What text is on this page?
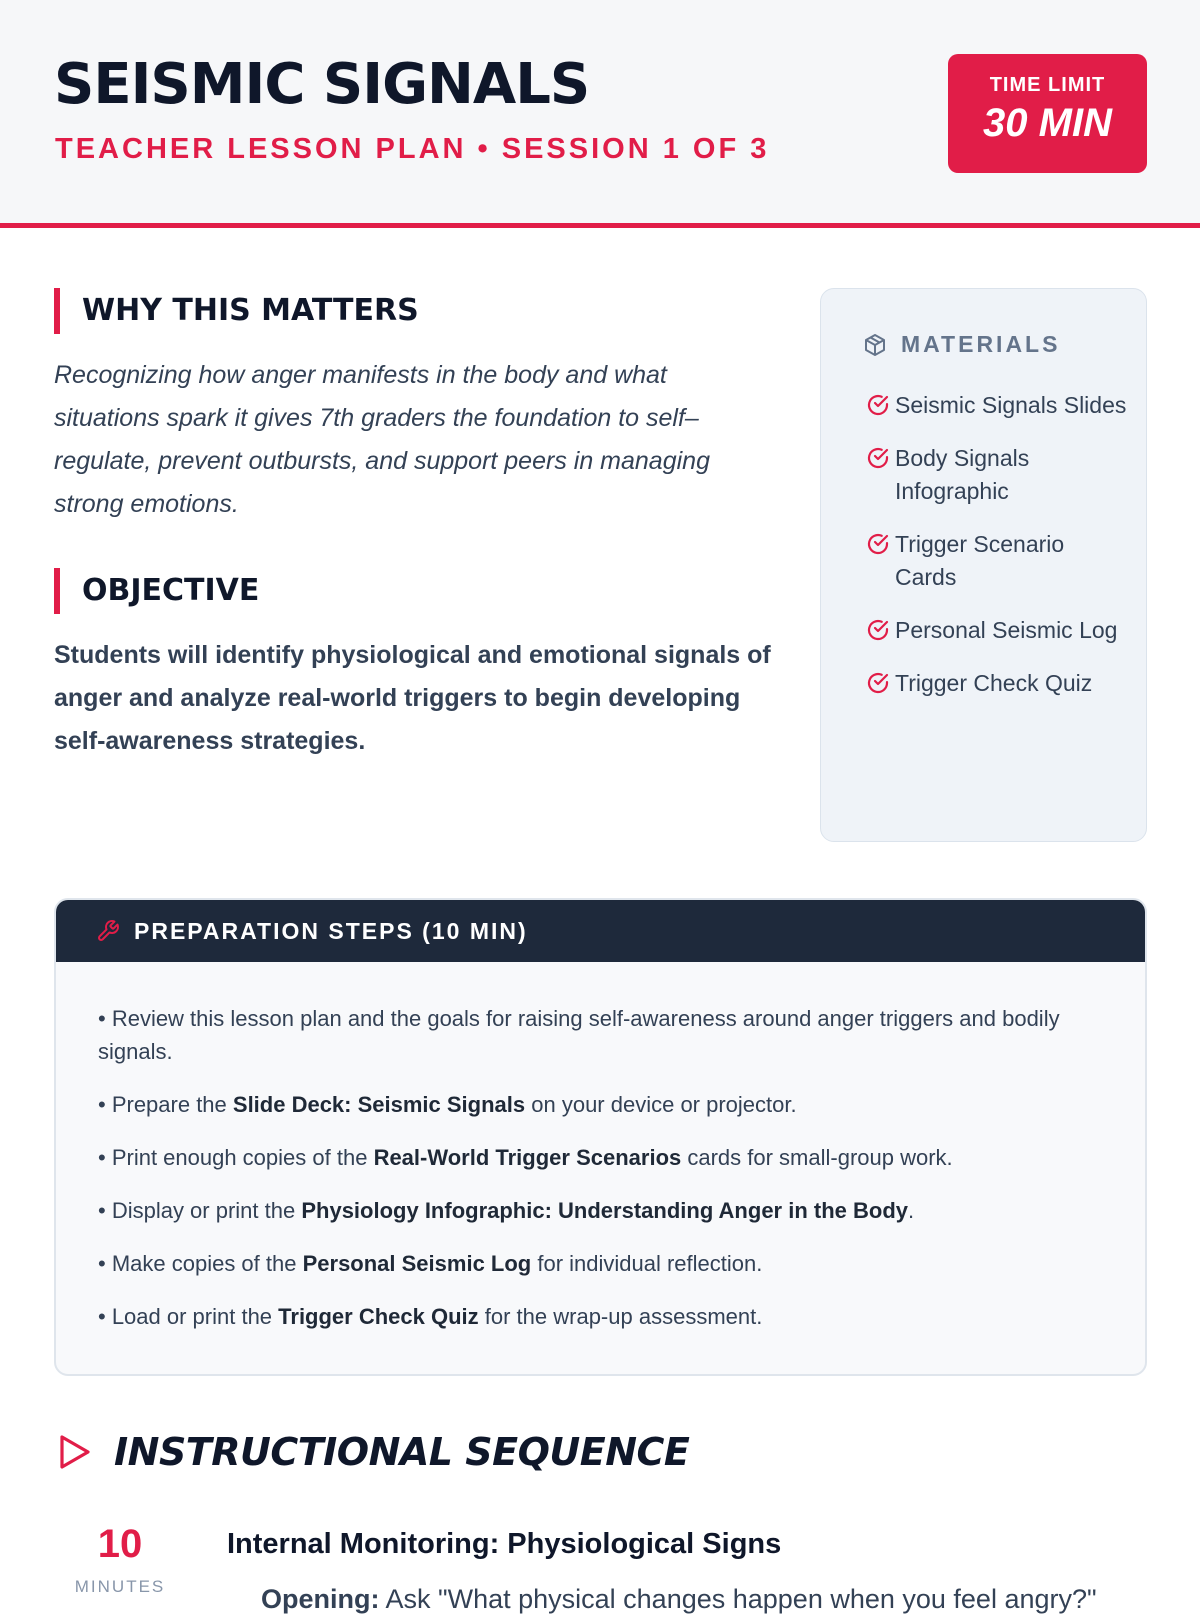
SEISMIC SIGNALS
TEACHER LESSON PLAN • SESSION 1 OF 3
TIME LIMIT
30 MIN
WHY THIS MATTERS
Recognizing how anger manifests in the body and what situations spark it gives 7th graders the foundation to self–regulate, prevent outbursts, and support peers in managing strong emotions.
OBJECTIVE
Students will identify physiological and emotional signals of anger and analyze real-world triggers to begin developing self-awareness strategies.
MATERIALS
Seismic Signals Slides
Body Signals Infographic
Trigger Scenario Cards
Personal Seismic Log
Trigger Check Quiz
PREPARATION STEPS (10 MIN)
• Review this lesson plan and the goals for raising self-awareness around anger triggers and bodily signals.
• Prepare the Slide Deck: Seismic Signals on your device or projector.
• Print enough copies of the Real-World Trigger Scenarios cards for small-group work.
• Display or print the Physiology Infographic: Understanding Anger in the Body.
• Make copies of the Personal Seismic Log for individual reflection.
• Load or print the Trigger Check Quiz for the wrap-up assessment.
INSTRUCTIONAL SEQUENCE
10
MINUTES
Internal Monitoring: Physiological Signs
Opening: Ask "What physical changes happen when you feel angry?"
